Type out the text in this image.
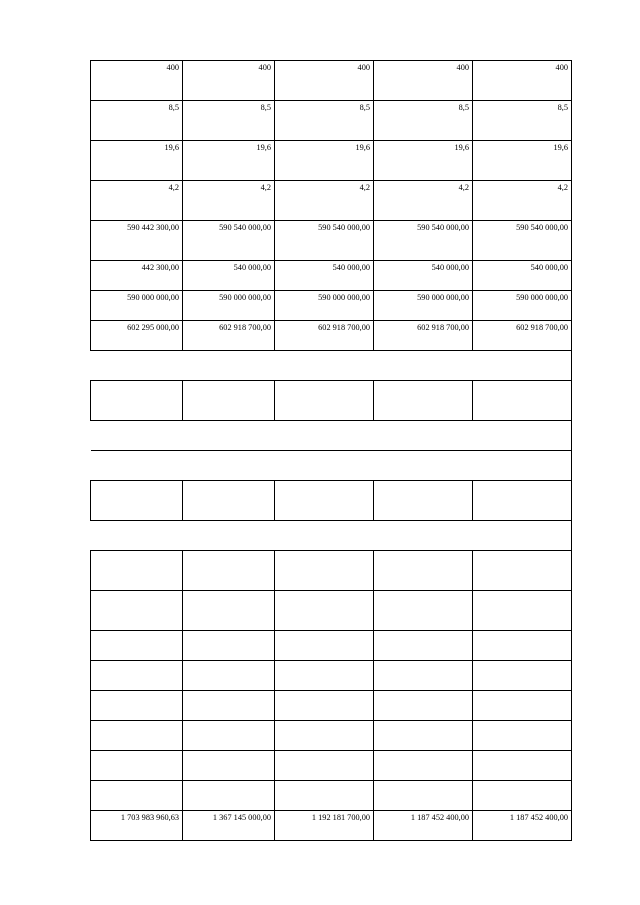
400	400	400	400	400
8,5	8,5	8,5	8,5	8,5
19,6	19,6	19,6	19,6	19,6
4,2	4,2	4,2	4,2	4,2
590 442 300,00	590 540 000,00	590 540 000,00	590 540 000,00	590 540 000,00
442 300,00	540 000,00	540 000,00	540 000,00	540 000,00
590 000 000,00	590 000 000,00	590 000 000,00	590 000 000,00	590 000 000,00
602 295 000,00	602 918 700,00	602 918 700,00	602 918 700,00	602 918 700,00

1 703 983 960,63	1 367 145 000,00	1 192 181 700,00	1 187 452 400,00	1 187 452 400,00
